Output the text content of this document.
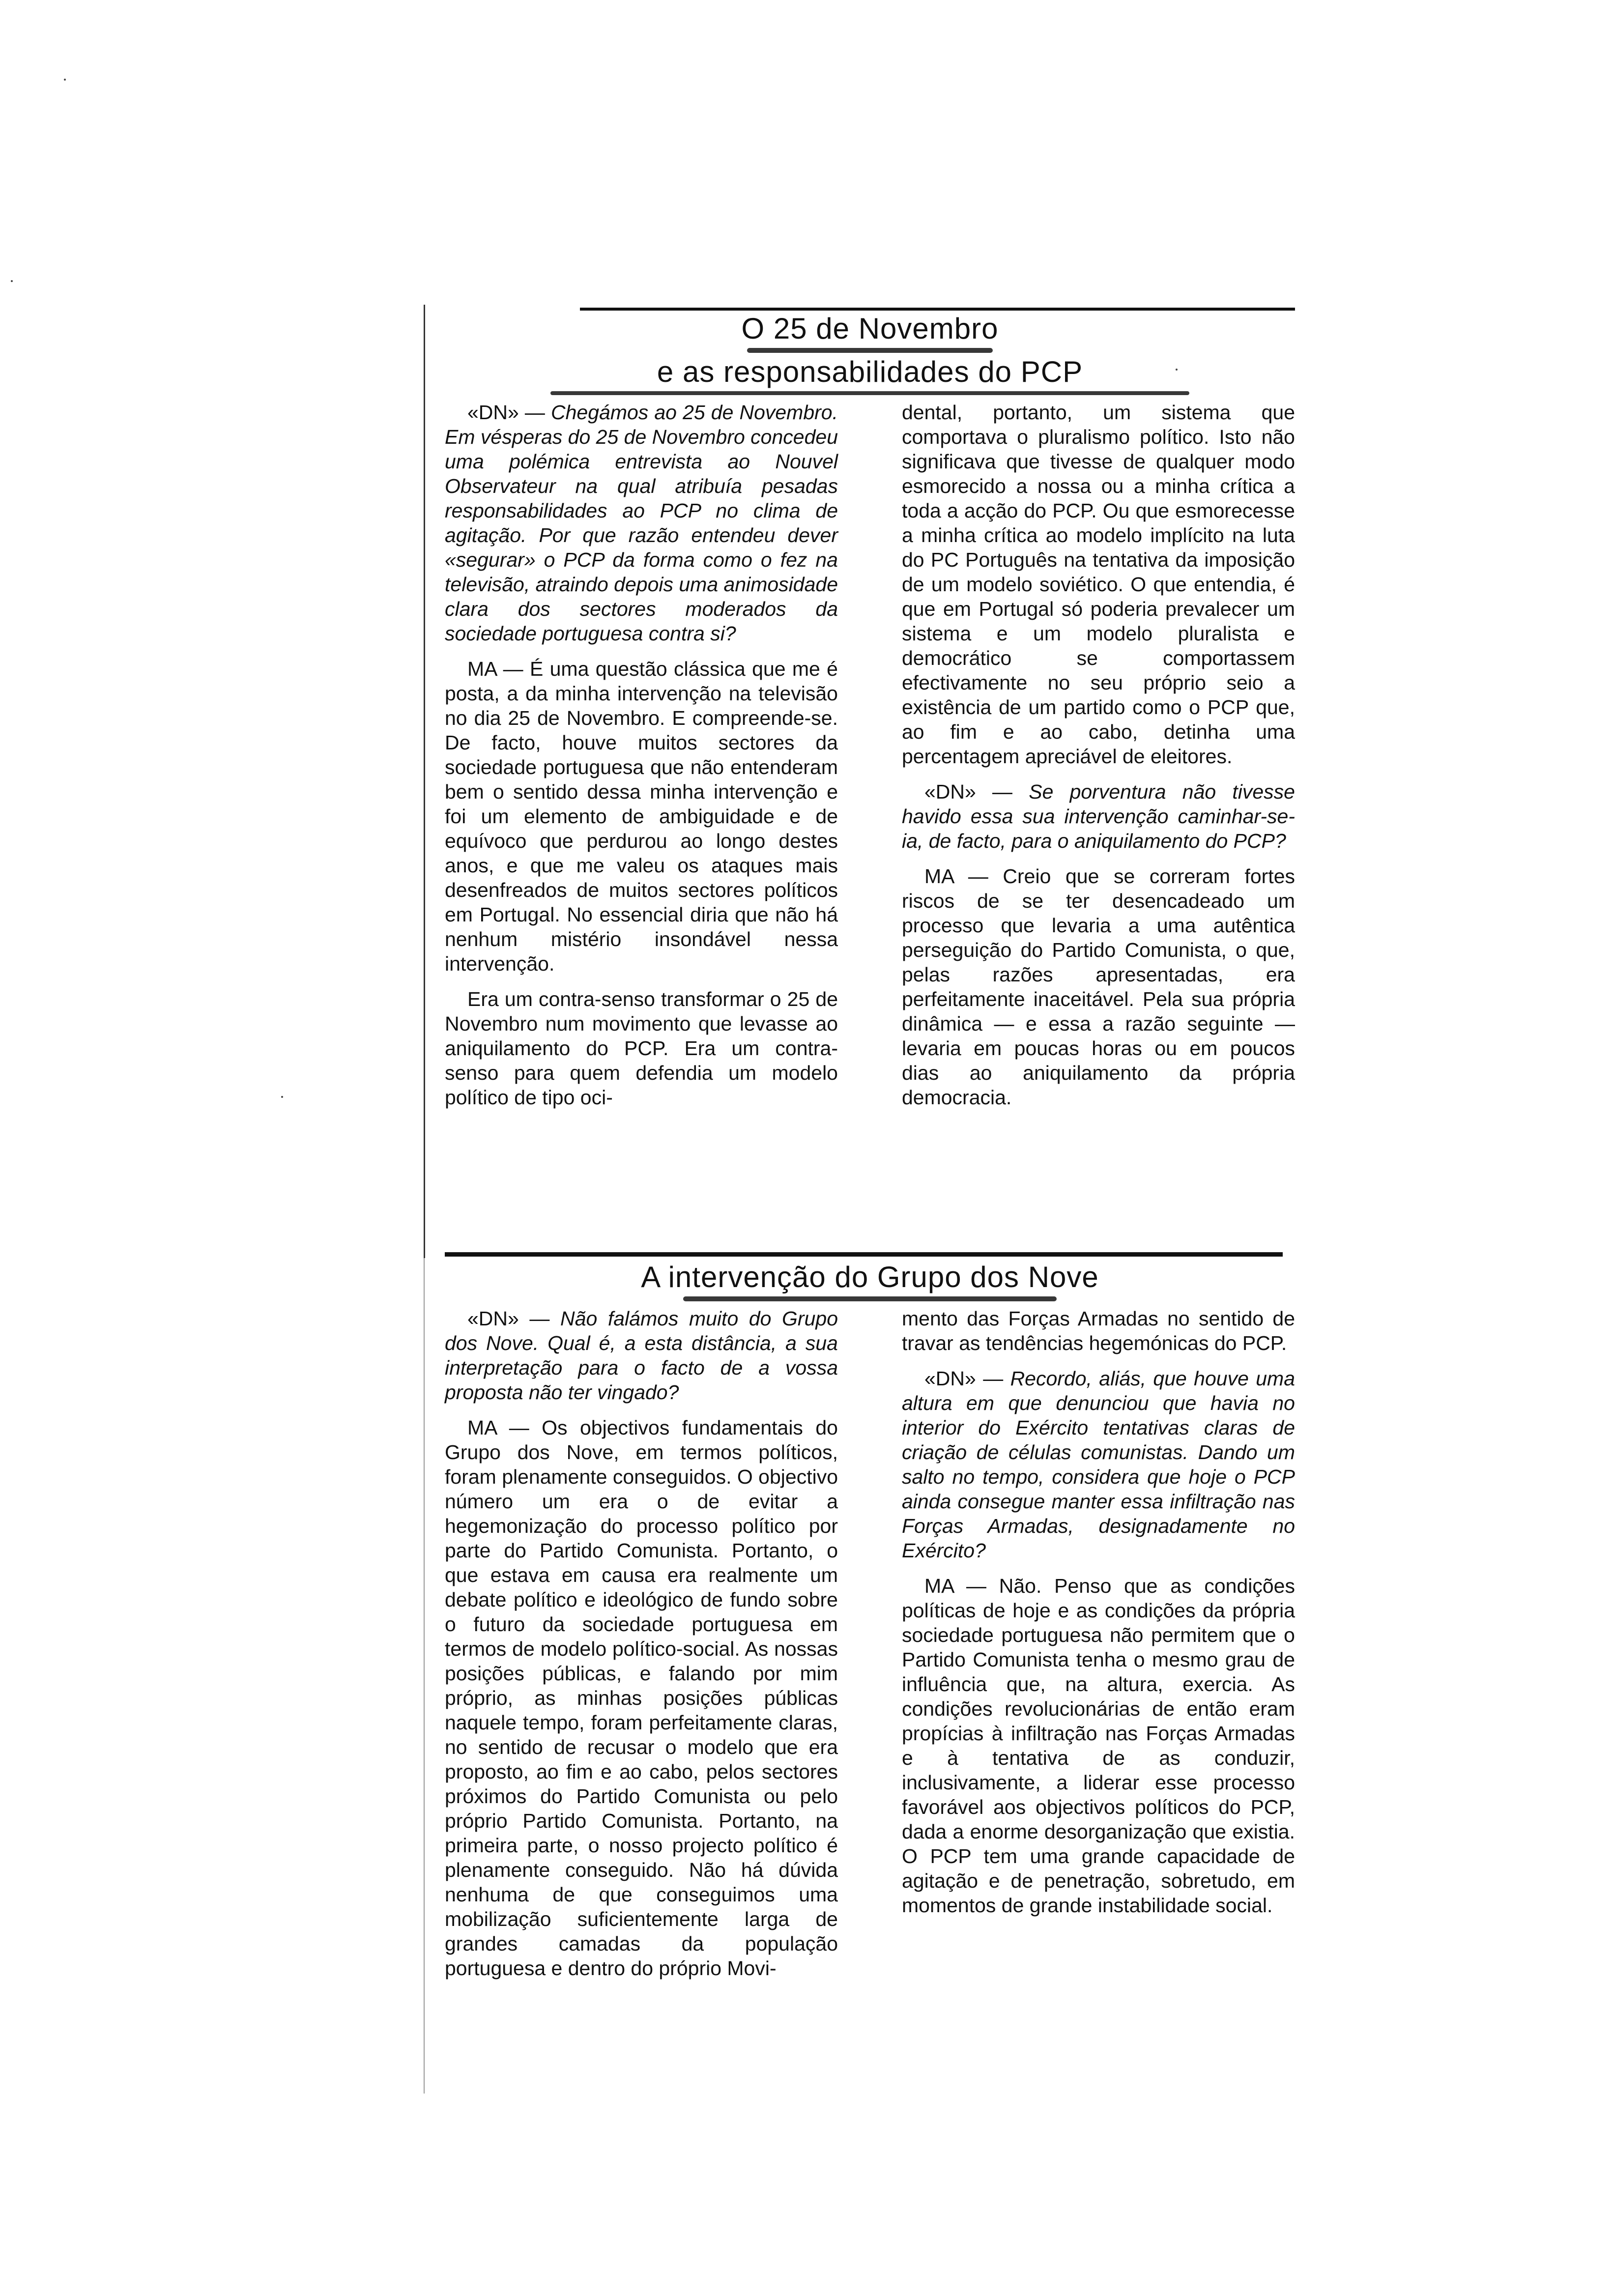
O 25 de Novembro
e as responsabilidades do PCP

«DN» — Chegámos ao 25 de Novembro. Em vésperas do 25 de Novembro concedeu uma polémica entrevista ao Nouvel Observateur na qual atribuía pesadas responsabilidades ao PCP no clima de agitação. Por que razão entendeu dever «segurar» o PCP da forma como o fez na televisão, atraindo depois uma animosidade clara dos sectores moderados da sociedade portuguesa contra si?

MA — É uma questão clássica que me é posta, a da minha intervenção na televisão no dia 25 de Novembro. E compreende-se. De facto, houve muitos sectores da sociedade portuguesa que não entenderam bem o sentido dessa minha intervenção e foi um elemento de ambiguidade e de equívoco que perdurou ao longo destes anos, e que me valeu os ataques mais desenfreados de muitos sectores políticos em Portugal. No essencial diria que não há nenhum mistério insondável nessa intervenção.

Era um contra-senso transformar o 25 de Novembro num movimento que levasse ao aniquilamento do PCP. Era um contra-senso para quem defendia um modelo político de tipo oci-

dental, portanto, um sistema que comportava o pluralismo político. Isto não significava que tivesse de qualquer modo esmorecido a nossa ou a minha crítica a toda a acção do PCP. Ou que esmorecesse a minha crítica ao modelo implícito na luta do PC Português na tentativa da imposição de um modelo soviético. O que entendia, é que em Portugal só poderia prevalecer um sistema e um modelo pluralista e democrático se comportassem efectivamente no seu próprio seio a existência de um partido como o PCP que, ao fim e ao cabo, detinha uma percentagem apreciável de eleitores.

«DN» — Se porventura não tivesse havido essa sua intervenção caminhar-se-ia, de facto, para o aniquilamento do PCP?

MA — Creio que se correram fortes riscos de se ter desencadeado um processo que levaria a uma autêntica perseguição do Partido Comunista, o que, pelas razões apresentadas, era perfeitamente inaceitável. Pela sua própria dinâmica — e essa a razão seguinte — levaria em poucas horas ou em poucos dias ao aniquilamento da própria democracia.

A intervenção do Grupo dos Nove

«DN» — Não falámos muito do Grupo dos Nove. Qual é, a esta distância, a sua interpretação para o facto de a vossa proposta não ter vingado?

MA — Os objectivos fundamentais do Grupo dos Nove, em termos políticos, foram plenamente conseguidos. O objectivo número um era o de evitar a hegemonização do processo político por parte do Partido Comunista. Portanto, o que estava em causa era realmente um debate político e ideológico de fundo sobre o futuro da sociedade portuguesa em termos de modelo político-social. As nossas posições públicas, e falando por mim próprio, as minhas posições públicas naquele tempo, foram perfeitamente claras, no sentido de recusar o modelo que era proposto, ao fim e ao cabo, pelos sectores próximos do Partido Comunista ou pelo próprio Partido Comunista. Portanto, na primeira parte, o nosso projecto político é plenamente conseguido. Não há dúvida nenhuma de que conseguimos uma mobilização suficientemente larga de grandes camadas da população portuguesa e dentro do próprio Movi-

mento das Forças Armadas no sentido de travar as tendências hegemónicas do PCP.

«DN» — Recordo, aliás, que houve uma altura em que denunciou que havia no interior do Exército tentativas claras de criação de células comunistas. Dando um salto no tempo, considera que hoje o PCP ainda consegue manter essa infiltração nas Forças Armadas, designadamente no Exército?

MA — Não. Penso que as condições políticas de hoje e as condições da própria sociedade portuguesa não permitem que o Partido Comunista tenha o mesmo grau de influência que, na altura, exercia. As condições revolucionárias de então eram propícias à infiltração nas Forças Armadas e à tentativa de as conduzir, inclusivamente, a liderar esse processo favorável aos objectivos políticos do PCP, dada a enorme desorganização que existia. O PCP tem uma grande capacidade de agitação e de penetração, sobretudo, em momentos de grande instabilidade social.
